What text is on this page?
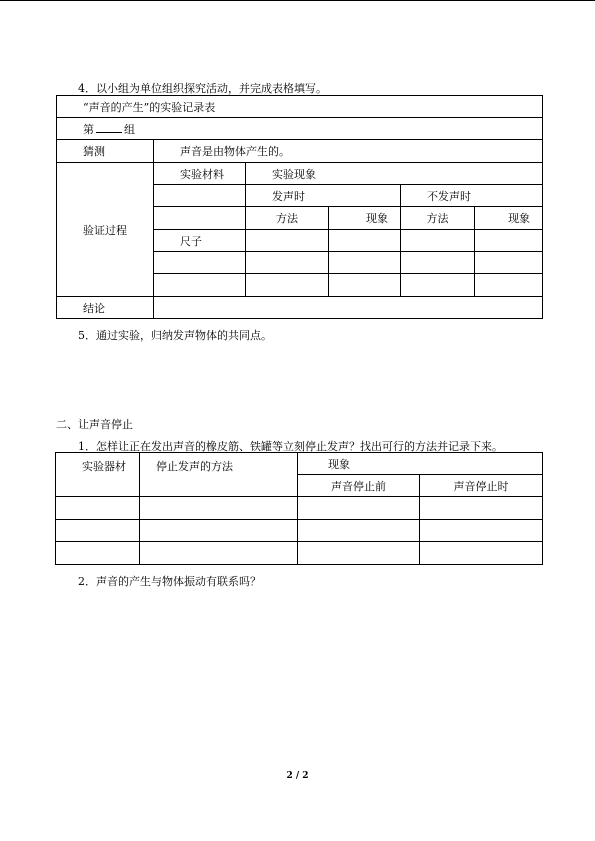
4．以小组为单位组织探究活动，并完成表格填写。
“声音的产生”的实验记录表					
第 组					
猜测	声音是由物体产生的。				
验证过程	实验材料	实验现象			
		发声时		不发声时	
		方法	现象	方法	现象
	尺子				

结论					
5．通过实验，归纳发声物体的共同点。
二、让声音停止
1．怎样让正在发出声音的橡皮筋、铁罐等立刻停止发声？找出可行的方法并记录下来。
实验器材	停止发声的方法	现象	
		声音停止前	声音停止时

2．声音的产生与物体振动有联系吗？
2 / 2
